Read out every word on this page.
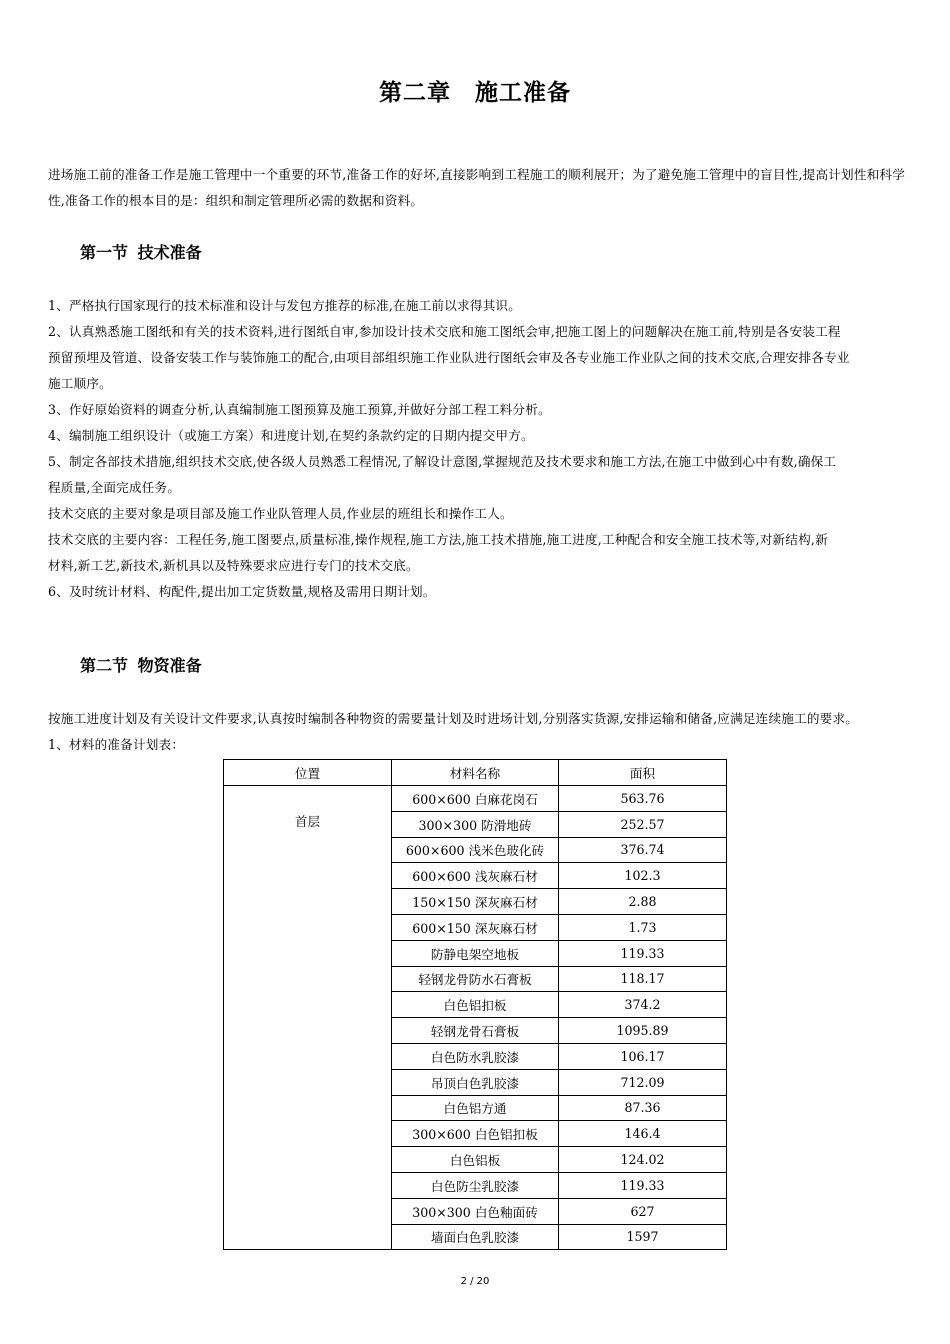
第二章　施工准备
进场施工前的准备工作是施工管理中一个重要的环节,准备工作的好坏,直接影响到工程施工的顺利展开；为了避免施工管理中的盲目性,提高计划性和科学性,准备工作的根本目的是：组织和制定管理所必需的数据和资料。
第一节 技术准备
1、严格执行国家现行的技术标准和设计与发包方推荐的标准,在施工前以求得其识。
2、认真熟悉施工图纸和有关的技术资料,进行图纸自审,参加设计技术交底和施工图纸会审,把施工图上的问题解决在施工前,特别是各安装工程
预留预埋及管道、设备安装工作与装饰施工的配合,由项目部组织施工作业队进行图纸会审及各专业施工作业队之间的技术交底,合理安排各专业
施工顺序。
3、作好原始资料的调查分析,认真编制施工图预算及施工预算,并做好分部工程工料分析。
4、编制施工组织设计（或施工方案）和进度计划,在契约条款约定的日期内提交甲方。
5、制定各部技术措施,组织技术交底,使各级人员熟悉工程情况,了解设计意图,掌握规范及技术要求和施工方法,在施工中做到心中有数,确保工
程质量,全面完成任务。
技术交底的主要对象是项目部及施工作业队管理人员,作业层的班组长和操作工人。
技术交底的主要内容：工程任务,施工图要点,质量标准,操作规程,施工方法,施工技术措施,施工进度,工种配合和安全施工技术等,对新结构,新
材料,新工艺,新技术,新机具以及特殊要求应进行专门的技术交底。
6、及时统计材料、构配件,提出加工定货数量,规格及需用日期计划。
第二节 物资准备
按施工进度计划及有关设计文件要求,认真按时编制各种物资的需要量计划及时进场计划,分别落实货源,安排运输和储备,应满足连续施工的要求。
1、材料的准备计划表：
位置	材料名称	面积
首层	600×600 白麻花岗石	563.76
	300×300 防滑地砖	252.57
	600×600 浅米色玻化砖	376.74
	600×600 浅灰麻石材	102.3
	150×150 深灰麻石材	2.88
	600×150 深灰麻石材	1.73
	防静电架空地板	119.33
	轻钢龙骨防水石膏板	118.17
	白色铝扣板	374.2
	轻钢龙骨石膏板	1095.89
	白色防水乳胶漆	106.17
	吊顶白色乳胶漆	712.09
	白色铝方通	87.36
	300×600 白色铝扣板	146.4
	白色铝板	124.02
	白色防尘乳胶漆	119.33
	300×300 白色釉面砖	627
	墙面白色乳胶漆	1597
2 / 20
